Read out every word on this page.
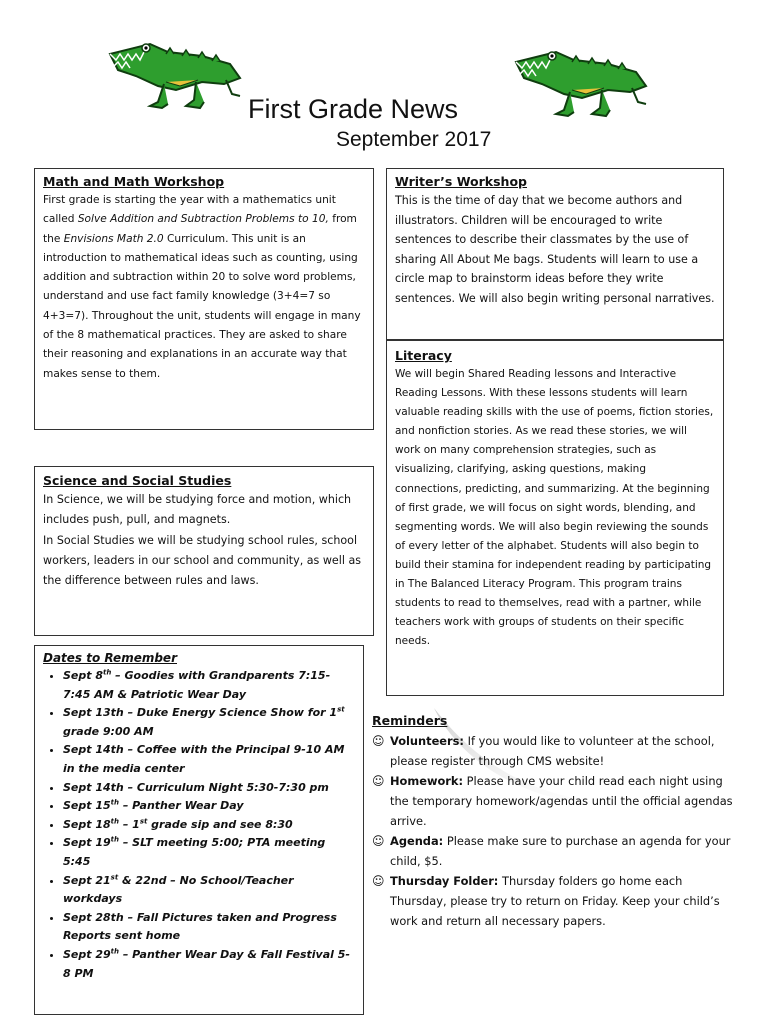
First Grade News
September 2017
Math and Math Workshop

First grade is starting the year with a mathematics unit called Solve Addition and Subtraction Problems to 10, from the Envisions Math 2.0 Curriculum. This unit is an introduction to mathematical ideas such as counting, using addition and subtraction within 20 to solve word problems, understand and use fact family knowledge (3+4=7 so 4+3=7). Throughout the unit, students will engage in many of the 8 mathematical practices. They are asked to share their reasoning and explanations in an accurate way that makes sense to them.

Writer’s Workshop

This is the time of day that we become authors and illustrators. Children will be encouraged to write sentences to describe their classmates by the use of sharing All About Me bags. Students will learn to use a circle map to brainstorm ideas before they write sentences. We will also begin writing personal narratives.

Literacy

We will begin Shared Reading lessons and Interactive Reading Lessons. With these lessons students will learn valuable reading skills with the use of poems, fiction stories, and nonfiction stories. As we read these stories, we will work on many comprehension strategies, such as visualizing, clarifying, asking questions, making connections, predicting, and summarizing. At the beginning of first grade, we will focus on sight words, blending, and segmenting words. We will also begin reviewing the sounds of every letter of the alphabet. Students will also begin to build their stamina for independent reading by participating in The Balanced Literacy Program. This program trains students to read to themselves, read with a partner, while teachers work with groups of students on their specific needs.

Science and Social Studies

In Science, we will be studying force and motion, which includes push, pull, and magnets.

In Social Studies we will be studying school rules, school workers, leaders in our school and community, as well as the difference between rules and laws.

Dates to Remember
• Sept 8th – Goodies with Grandparents 7:15-7:45 AM & Patriotic Wear Day
• Sept 13th – Duke Energy Science Show for 1st grade 9:00 AM
• Sept 14th – Coffee with the Principal 9-10 AM in the media center
• Sept 14th – Curriculum Night 5:30-7:30 pm
• Sept 15th – Panther Wear Day
• Sept 18th – 1st grade sip and see 8:30
• Sept 19th – SLT meeting 5:00; PTA meeting 5:45
• Sept 21st & 22nd – No School/Teacher workdays
• Sept 28th – Fall Pictures taken and Progress Reports sent home
• Sept 29th – Panther Wear Day & Fall Festival 5-8 PM
Reminders
☺ Volunteers: If you would like to volunteer at the school, please register through CMS website!
☺ Homework: Please have your child read each night using the temporary homework/agendas until the official agendas arrive.
☺ Agenda: Please make sure to purchase an agenda for your child, $5.
☺ Thursday Folder: Thursday folders go home each Thursday, please try to return on Friday. Keep your child’s work and return all necessary papers.
